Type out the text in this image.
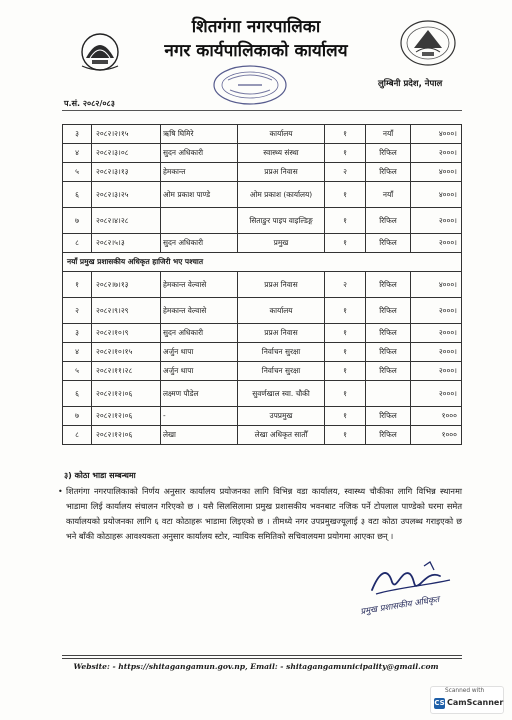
शितगंगा नगरपालिका
नगर कार्यपालिकाको कार्यालय
लुम्बिनी प्रदेश, नेपाल
प.सं. २०८२/०८३
३	२०८२।२।१५	ऋषि घिमिरे	कार्यालय	१	नयाँ	४०००।
४	२०८२।३।०८	सुदन अधिकारी	स्वास्थ्य संस्था	१	रिफिल	२०००।
५	२०८२।३।१३	हेमकान्त	प्रप्रअ निवास	२	रिफिल	४०००।
६	२०८२।३।२५	ओम प्रकाश पाण्डे	ओम प्रकाश (कार्यालय)	१	नयाँ	४०००।
७	२०८२।४।२८		सिताङुर पाइप वाइल्डिङ्ग	१	रिफिल	२०००।
८	२०८२।५।३	सुदन अधिकारी	प्रमुख	१	रिफिल	२०००।
नयाँ प्रमुख प्रशासकीय अधिकृत हाजिरी भए पश्चात						
१	२०८२।७।१३	हेमकान्त वेल्वासे	प्रप्रअ निवास	२	रिफिल	४०००।
२	२०८२।९।२९	हेमकान्त वेल्वासे	कार्यालय	१	रिफिल	२०००।
३	२०८२।१०।९	सुदन अधिकारी	प्रप्रअ निवास	१	रिफिल	२०००।
४	२०८२।१०।१५	अर्जुन थापा	निर्वाचन सुरक्षा	१	रिफिल	२०००।
५	२०८२।११।२८	अर्जुन थापा	निर्वाचन सुरक्षा	१	रिफिल	२०००।
६	२०८२।१२।०६	लक्ष्मण पौडेल	सुवर्णखाल स्वा. चौकी	१		२०००।
७	२०८२।१२।०६	-	उपप्रमुख	१	रिफिल	१०००
८	२०८२।१२।०६	लेखा	लेखा अधिकृत सातौँ	१	रिफिल	१०००
३) कोठा भाडा सम्बन्धमा
• शितगंगा नगरपालिकाको निर्णय अनुसार कार्यालय प्रयोजनका लागि विभिन्न वडा कार्यालय, स्वास्थ्य चौकीका लागि विभिन्न स्थानमा भाडामा लिई कार्यालय संचालन गरिएको छ । यसै सिलसिलामा प्रमुख प्रशासकीय भवनबाट नजिक पर्ने टोपलाल पाण्डेको घरमा समेत कार्यालयको प्रयोजनका लागि ६ वटा कोठाहरू भाडामा लिइएको छ । तीमध्ये नगर उपप्रमुखज्यूलाई ३ वटा कोठा उपलब्ध गराइएको छ भने बाँकी कोठाहरू आवश्यकता अनुसार कार्यालय स्टोर, न्यायिक समितिको सचिवालयमा प्रयोगमा आएका छन् ।
प्रमुख प्रशासकीय अधिकृत
Website: - https://shitagangamun.gov.np, Email: - shitagangamunicipality@gmail.com
Scanned with
CS CamScanner
